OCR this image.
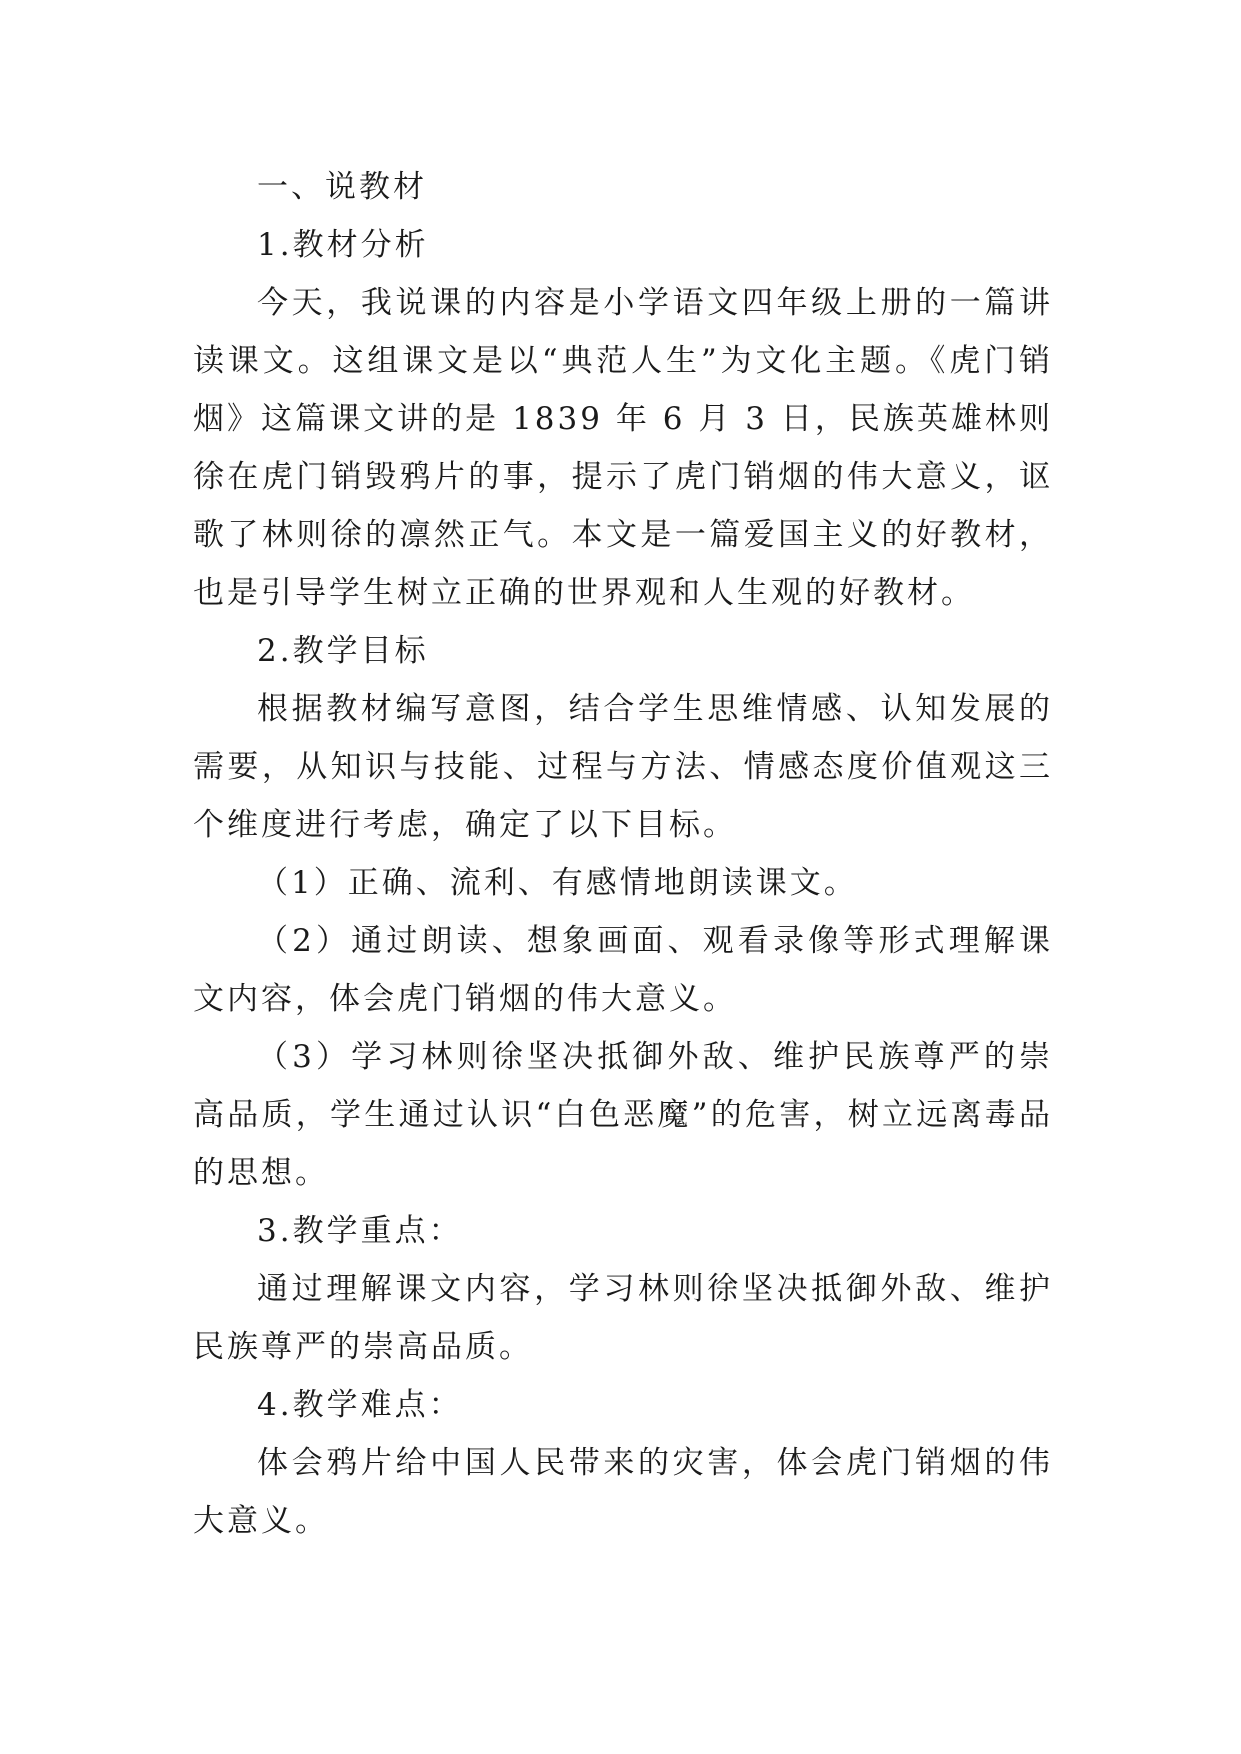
一、说教材

1.教材分析

今天，我说课的内容是小学语文四年级上册的一篇讲读课文。这组课文是以“典范人生”为文化主题。《虎门销烟》这篇课文讲的是 1839 年 6 月 3 日，民族英雄林则徐在虎门销毁鸦片的事，提示了虎门销烟的伟大意义，讴歌了林则徐的凛然正气。本文是一篇爱国主义的好教材，也是引导学生树立正确的世界观和人生观的好教材。

2.教学目标

根据教材编写意图，结合学生思维情感、认知发展的需要，从知识与技能、过程与方法、情感态度价值观这三个维度进行考虑，确定了以下目标。

（1）正确、流利、有感情地朗读课文。

（2）通过朗读、想象画面、观看录像等形式理解课文内容，体会虎门销烟的伟大意义。

（3）学习林则徐坚决抵御外敌、维护民族尊严的崇高品质，学生通过认识“白色恶魔”的危害，树立远离毒品的思想。

3.教学重点：

通过理解课文内容，学习林则徐坚决抵御外敌、维护民族尊严的崇高品质。

4.教学难点：

体会鸦片给中国人民带来的灾害，体会虎门销烟的伟大意义。
